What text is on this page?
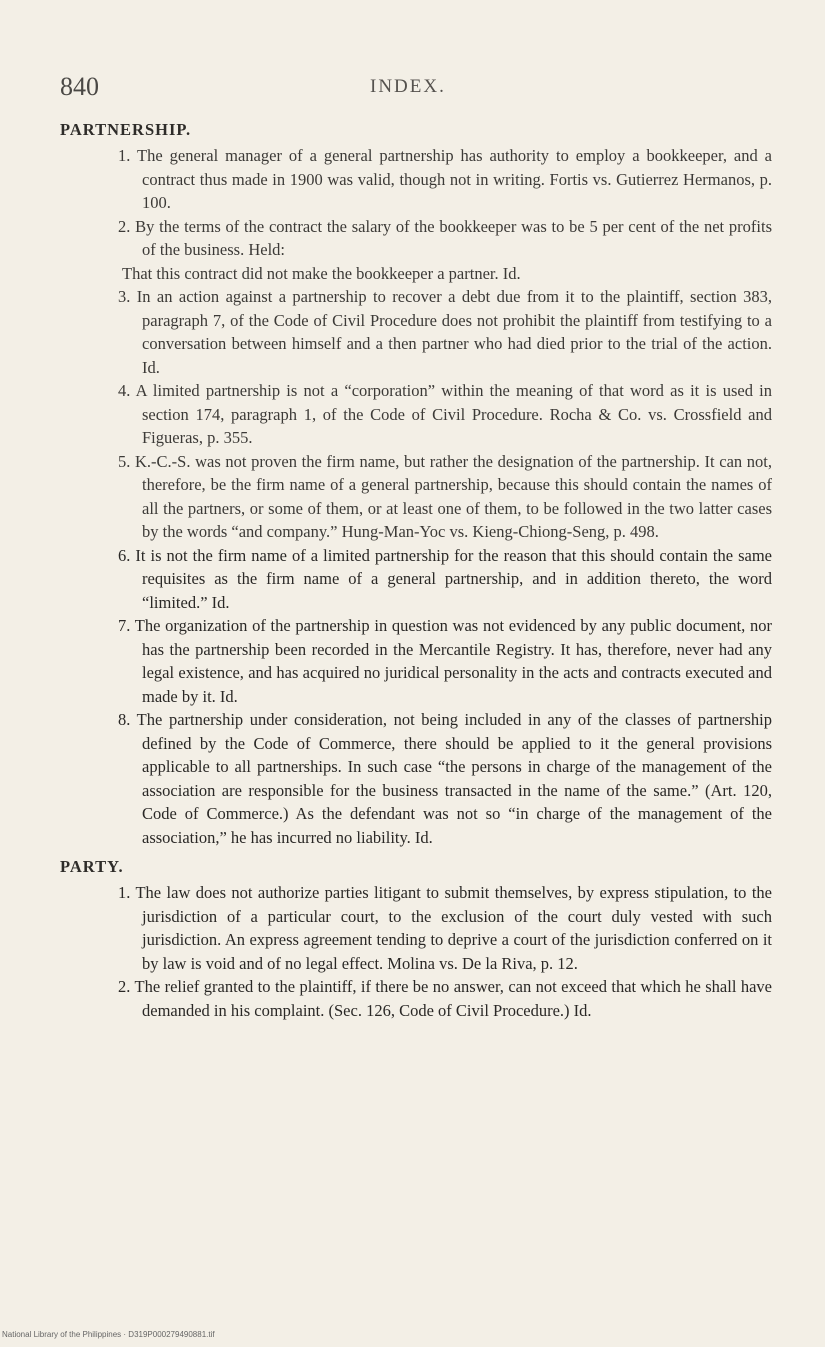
840	INDEX.

PARTNERSHIP.

1. The general manager of a general partnership has authority to employ a bookkeeper, and a contract thus made in 1900 was valid, though not in writing. Fortis vs. Gutierrez Hermanos, p. 100.

2. By the terms of the contract the salary of the bookkeeper was to be 5 per cent of the net profits of the business. Held:

That this contract did not make the bookkeeper a partner. Id.

3. In an action against a partnership to recover a debt due from it to the plaintiff, section 383, paragraph 7, of the Code of Civil Procedure does not prohibit the plaintiff from testifying to a conversation between himself and a then partner who had died prior to the trial of the action. Id.

4. A limited partnership is not a “corporation” within the meaning of that word as it is used in section 174, paragraph 1, of the Code of Civil Procedure. Rocha & Co. vs. Crossfield and Figueras, p. 355.

5. K.-C.-S. was not proven the firm name, but rather the designation of the partnership. It can not, therefore, be the firm name of a general partnership, because this should contain the names of all the partners, or some of them, or at least one of them, to be followed in the two latter cases by the words “and company.” Hung-Man-Yoc vs. Kieng-Chiong-Seng, p. 498.

6. It is not the firm name of a limited partnership for the reason that this should contain the same requisites as the firm name of a general partnership, and in addition thereto, the word “limited.” Id.

7. The organization of the partnership in question was not evidenced by any public document, nor has the partnership been recorded in the Mercantile Registry. It has, therefore, never had any legal existence, and has acquired no juridical personality in the acts and contracts executed and made by it. Id.

8. The partnership under consideration, not being included in any of the classes of partnership defined by the Code of Commerce, there should be applied to it the general provisions applicable to all partnerships. In such case “the persons in charge of the management of the association are responsible for the business transacted in the name of the same.” (Art. 120, Code of Commerce.) As the defendant was not so “in charge of the management of the association,” he has incurred no liability. Id.

PARTY.

1. The law does not authorize parties litigant to submit themselves, by express stipulation, to the jurisdiction of a particular court, to the exclusion of the court duly vested with such jurisdiction. An express agreement tending to deprive a court of the jurisdiction conferred on it by law is void and of no legal effect. Molina vs. De la Riva, p. 12.

2. The relief granted to the plaintiff, if there be no answer, can not exceed that which he shall have demanded in his complaint. (Sec. 126, Code of Civil Procedure.) Id.

National Library of the Philippines · D319P000279490881.tif
